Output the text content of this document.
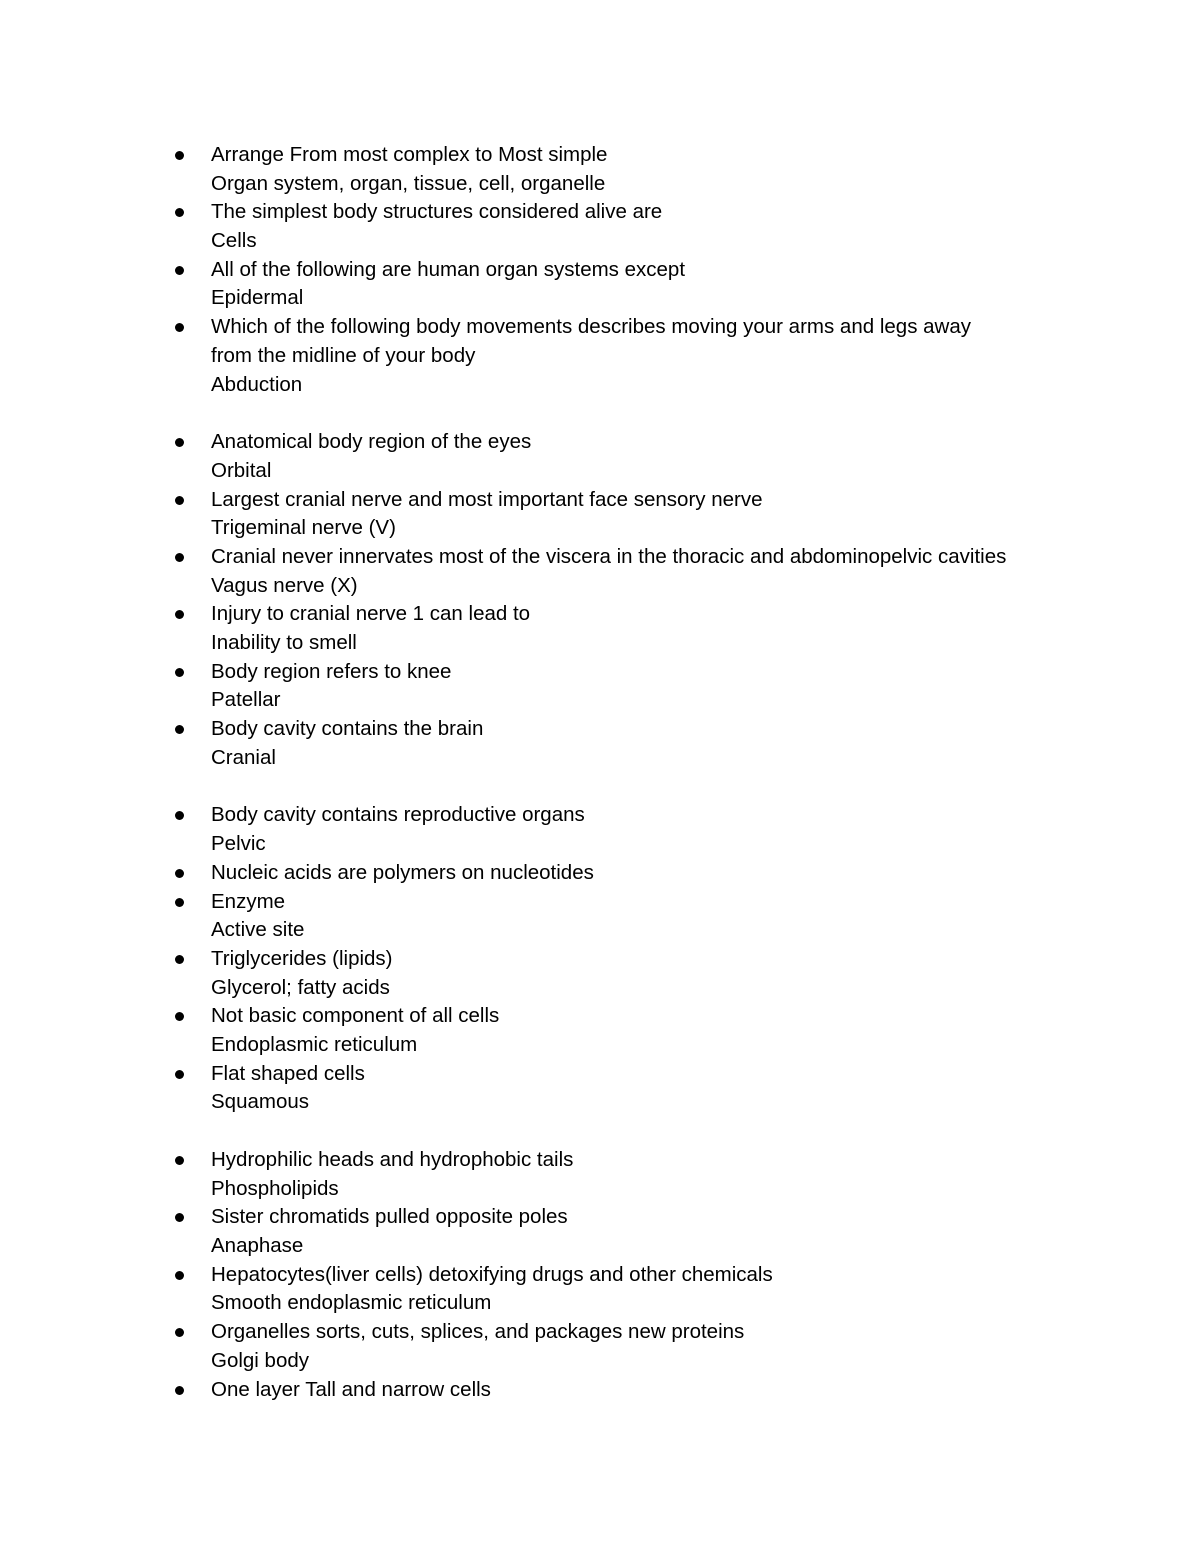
Arrange From most complex to Most simple
Organ system, organ, tissue, cell, organelle
The simplest body structures considered alive are
Cells
All of the following are human organ systems except
Epidermal
Which of the following body movements describes moving your arms and legs away
from the midline of your body
Abduction
Anatomical body region of the eyes
Orbital
Largest cranial nerve and most important face sensory nerve
Trigeminal nerve (V)
Cranial never innervates most of the viscera in the thoracic and abdominopelvic cavities
Vagus nerve (X)
Injury to cranial nerve 1 can lead to
Inability to smell
Body region refers to knee
Patellar
Body cavity contains the brain
Cranial
Body cavity contains reproductive organs
Pelvic
Nucleic acids are polymers on nucleotides
Enzyme
Active site
Triglycerides (lipids)
Glycerol; fatty acids
Not basic component of all cells
Endoplasmic reticulum
Flat shaped cells
Squamous
Hydrophilic heads and hydrophobic tails
Phospholipids
Sister chromatids pulled opposite poles
Anaphase
Hepatocytes(liver cells) detoxifying drugs and other chemicals
Smooth endoplasmic reticulum
Organelles sorts, cuts, splices, and packages new proteins
Golgi body
One layer Tall and narrow cells
